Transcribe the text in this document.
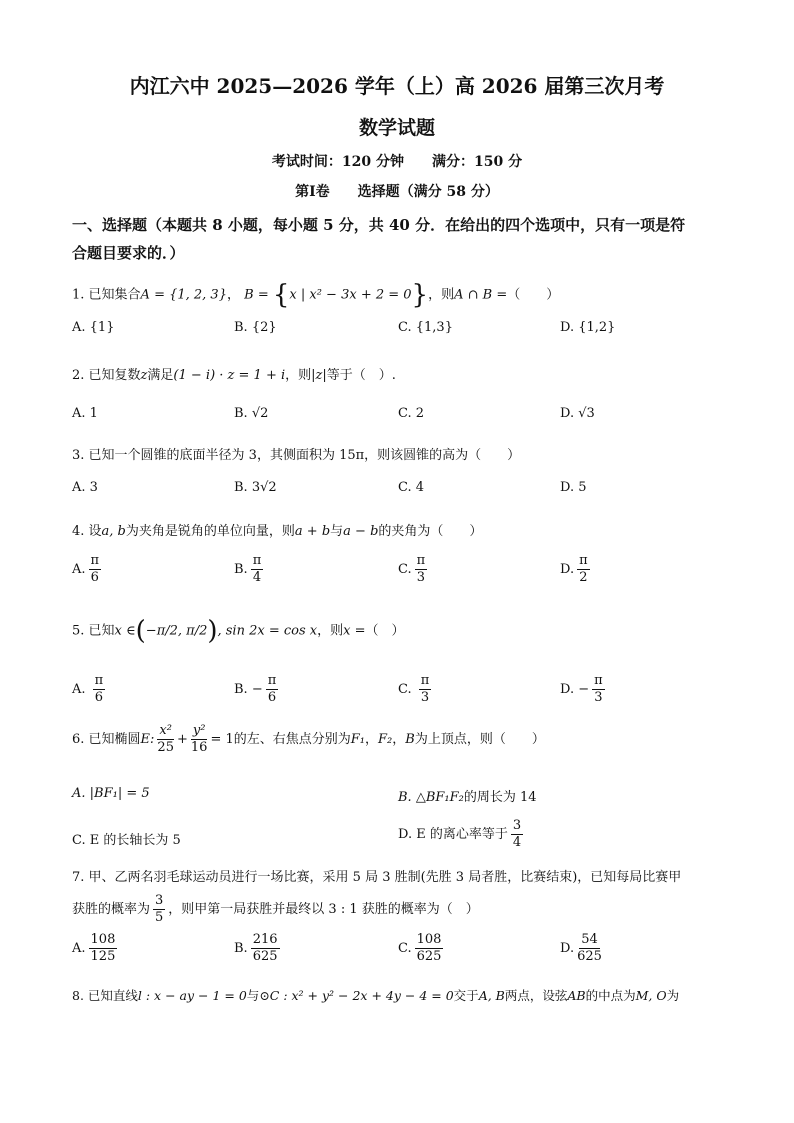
内江六中 2025—2026 学年（上）高 2026 届第三次月考
数学试题
考试时间：120 分钟　　满分：150 分
第Ⅰ卷　　选择题（满分 58 分）
一、选择题（本题共 8 小题，每小题 5 分，共 40 分．在给出的四个选项中，只有一项是符
合题目要求的．）
1. 已知集合A = {1, 2, 3}， B = {x | x² − 3x + 2 = 0}，则A ∩ B =（　　）
A. {1}	B. {2}	C. {1,3}	D. {1,2}
2. 已知复数z满足(1 − i) · z = 1 + i，则|z|等于（　）.
A. 1	B. √2	C. 2	D. √3
3. 已知一个圆锥的底面半径为 3，其侧面积为 15π，则该圆锥的高为（　　）
A. 3	B. 3√2	C. 4	D. 5
4. 设a, b为夹角是锐角的单位向量，则a + b与a − b的夹角为（　　）
A. $\frac{\pi}{6}$	B. $\frac{\pi}{4}$	C. $\frac{\pi}{3}$	D. $\frac{\pi}{2}$
5. 已知x ∈(−π/2, π/2), sin 2x = cos x，则x =（　）
A. $\frac{\pi}{6}$	B. − $\frac{\pi}{6}$	C. $\frac{\pi}{3}$	D. − $\frac{\pi}{3}$
6. 已知椭圆E: $\frac{\text{x²}}{25} + \frac{\text{y²}}{16} = 1$的左、右焦点分别为F₁，F₂，B为上顶点，则（　　）
A. |BF₁| = 5	B. △BF₁F₂的周长为 14
C. E 的长轴长为 5	D. E 的离心率等于 $\frac{3}{4}$
7. 甲、乙两名羽毛球运动员进行一场比赛，采用 5 局 3 胜制(先胜 3 局者胜，比赛结束)，已知每局比赛甲
获胜的概率为 $\frac{3}{5}$ ，则甲第一局获胜并最终以 3 : 1 获胜的概率为（　）
A. $\frac{108}{125}$	B. $\frac{216}{625}$	C. $\frac{108}{625}$	D. $\frac{54}{625}$
8. 已知直线l : x − ay − 1 = 0与⊙C : x² + y² − 2x + 4y − 4 = 0交于A, B两点，设弦AB的中点为M, O为
